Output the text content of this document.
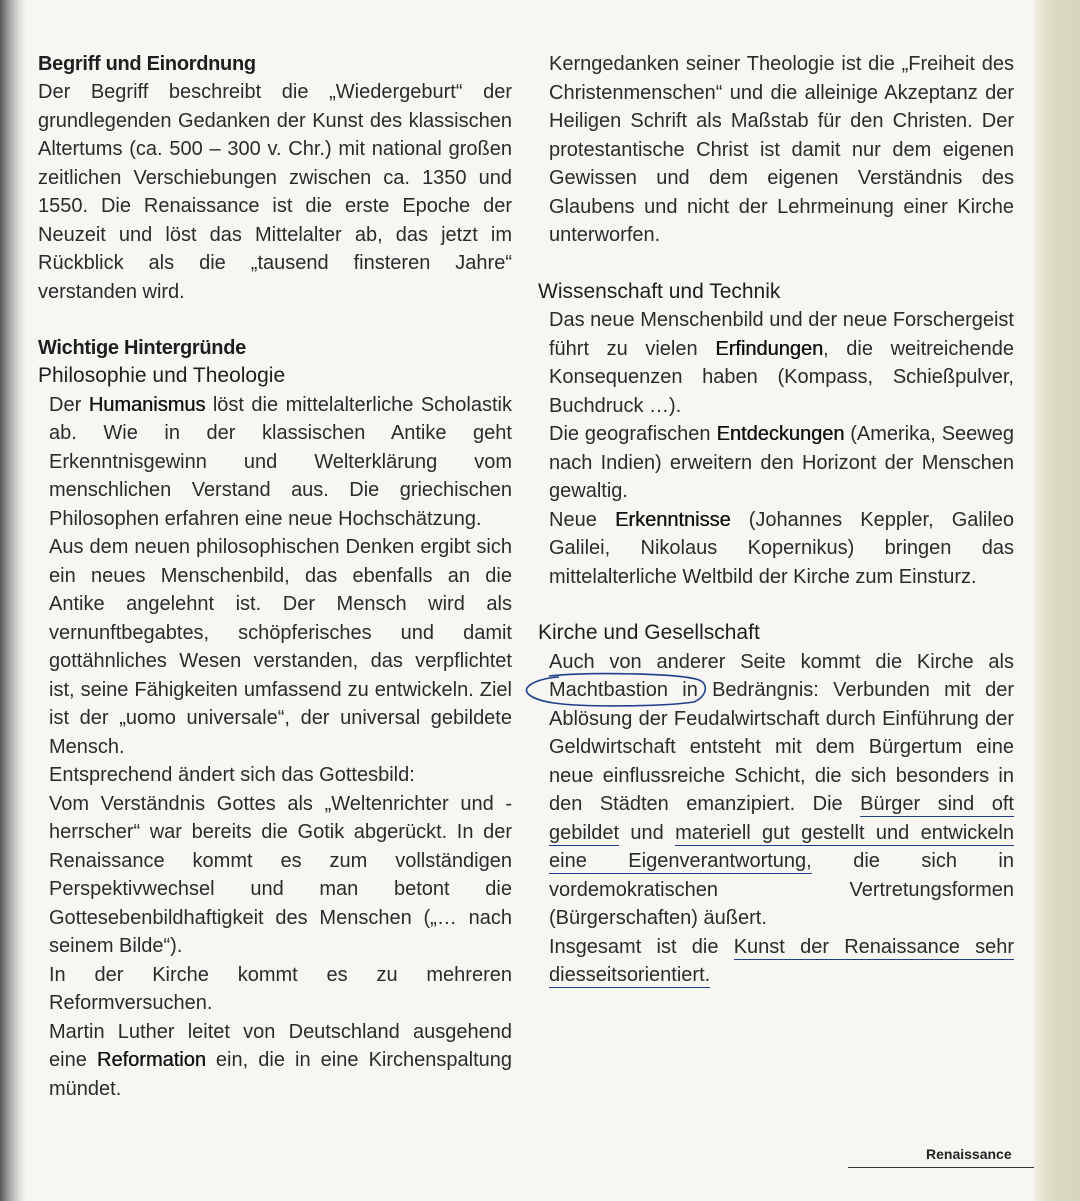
Begriff und Einordnung

Der Begriff beschreibt die „Wiedergeburt“ der grundlegenden Gedanken der Kunst des klassischen Altertums (ca. 500 – 300 v. Chr.) mit national großen zeitlichen Verschiebungen zwischen ca. 1350 und 1550. Die Renaissance ist die erste Epoche der Neuzeit und löst das Mittelalter ab, das jetzt im Rückblick als die „tausend finsteren Jahre“ verstanden wird.

Wichtige Hintergründe

Philosophie und Theologie

Der Humanismus löst die mittelalterliche Scholastik ab. Wie in der klassischen Antike geht Erkenntnisgewinn und Welterklärung vom menschlichen Verstand aus. Die griechischen Philosophen erfahren eine neue Hochschätzung.

Aus dem neuen philosophischen Denken ergibt sich ein neues Menschenbild, das ebenfalls an die Antike angelehnt ist. Der Mensch wird als vernunftbegabtes, schöpferisches und damit gottähnliches Wesen verstanden, das verpflichtet ist, seine Fähigkeiten umfassend zu entwickeln. Ziel ist der „uomo universale“, der universal gebildete Mensch.

Entsprechend ändert sich das Gottesbild:

Vom Verständnis Gottes als „Weltenrichter und -herrscher“ war bereits die Gotik abgerückt. In der Renaissance kommt es zum vollständigen Perspektivwechsel und man betont die Gottesebenbildhaftigkeit des Menschen („… nach seinem Bilde“).

In der Kirche kommt es zu mehreren Reformversuchen.

Martin Luther leitet von Deutschland ausgehend eine Reformation ein, die in eine Kirchenspaltung mündet.

Kerngedanken seiner Theologie ist die „Freiheit des Christenmenschen“ und die alleinige Akzeptanz der Heiligen Schrift als Maßstab für den Christen. Der protestantische Christ ist damit nur dem eigenen Gewissen und dem eigenen Verständnis des Glaubens und nicht der Lehrmeinung einer Kirche unterworfen.

Wissenschaft und Technik

Das neue Menschenbild und der neue Forschergeist führt zu vielen Erfindungen, die weitreichende Konsequenzen haben (Kompass, Schießpulver, Buchdruck …).

Die geografischen Entdeckungen (Amerika, Seeweg nach Indien) erweitern den Horizont der Menschen gewaltig.

Neue Erkenntnisse (Johannes Keppler, Galileo Galilei, Nikolaus Kopernikus) bringen das mittelalterliche Weltbild der Kirche zum Einsturz.

Kirche und Gesellschaft

Auch von anderer Seite kommt die Kirche als
Machtbastion in Bedrängnis: Verbunden mit der Ablösung der Feudalwirtschaft durch Einführung der Geldwirtschaft entsteht mit dem Bürgertum eine neue einflussreiche Schicht, die sich besonders in den Städten emanzipiert. Die Bürger sind oft gebildet und materiell gut gestellt und entwickeln eine Eigenverantwortung, die sich in vordemokratischen Vertretungsformen (Bürgerschaften) äußert.

Insgesamt ist die Kunst der Renaissance sehr diesseitsorientiert.

Renaissance
